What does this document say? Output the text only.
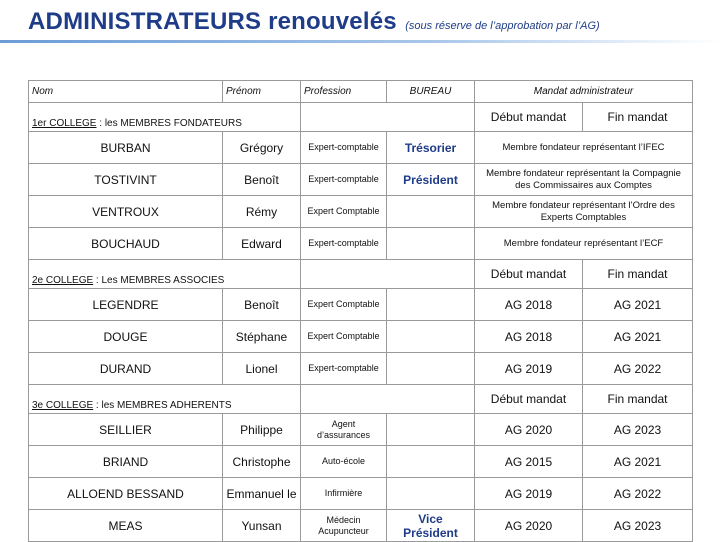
ADMINISTRATEURS renouvelés (sous réserve de l’approbation par l’AG)
Nom	Prénom	Profession	BUREAU	Mandat administrateur	
1er COLLEGE : les MEMBRES FONDATEURS				Début mandat	Fin mandat
BURBAN	Grégory	Expert-comptable	Trésorier	Membre fondateur représentant l’IFEC	
TOSTIVINT	Benoît	Expert-comptable	Président	Membre fondateur représentant la Compagnie des Commissaires aux Comptes	
VENTROUX	Rémy	Expert Comptable		Membre fondateur représentant l’Ordre des Experts Comptables	
BOUCHAUD	Edward	Expert-comptable		Membre fondateur représentant l’ECF	
2e COLLEGE : Les MEMBRES ASSOCIES				Début mandat	Fin mandat
LEGENDRE	Benoît	Expert Comptable		AG 2018	AG 2021
DOUGE	Stéphane	Expert Comptable		AG 2018	AG 2021
DURAND	Lionel	Expert-comptable		AG 2019	AG 2022
3e COLLEGE : les MEMBRES ADHERENTS				Début mandat	Fin mandat
SEILLIER	Philippe	Agent d’assurances		AG 2020	AG 2023
BRIAND	Christophe	Auto-école		AG 2015	AG 2021
ALLOEND BESSAND	Emmanuel le	Infirmière		AG 2019	AG 2022
MEAS	Yunsan	Médecin Acupuncteur	Vice Président	AG 2020	AG 2023
